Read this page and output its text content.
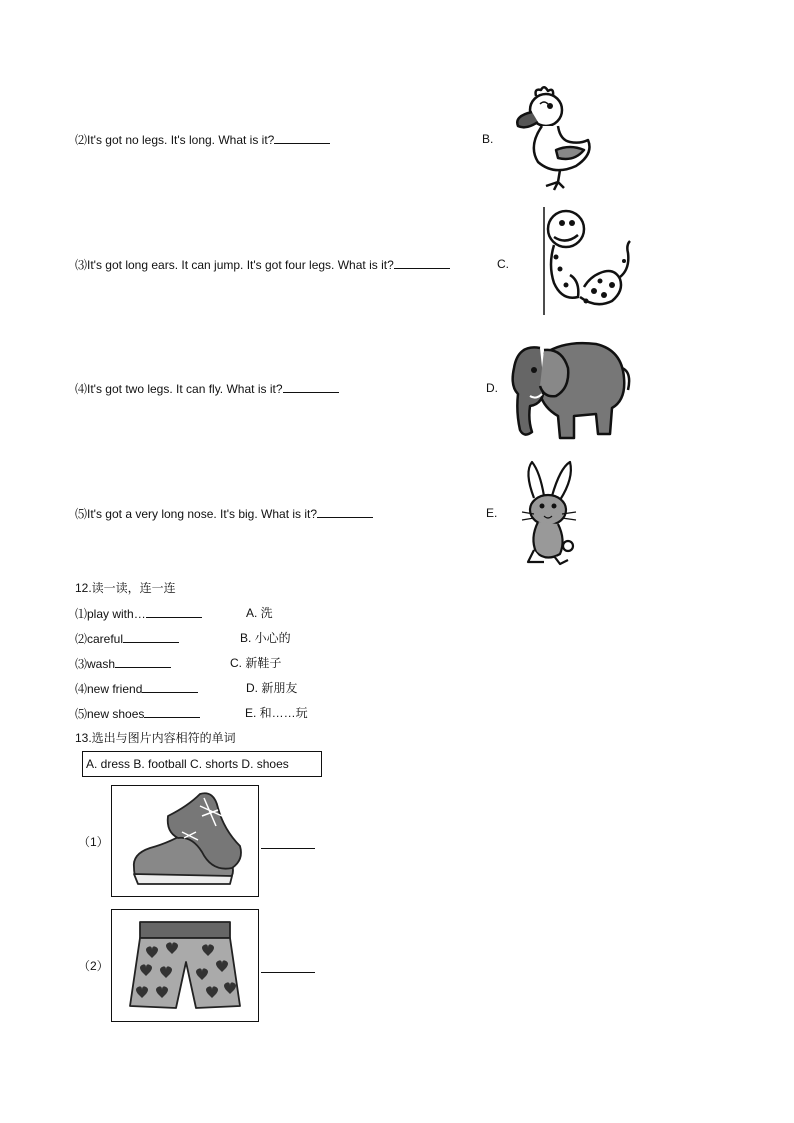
⑵It's got no legs. It's long. What is it?	B.
⑶It's got long ears. It can jump. It's got four legs. What is it?	C.
⑷It's got two legs. It can fly. What is it?	D.
⑸It's got a very long nose. It's big. What is it?	E.
12.读一读，连一连
⑴play with…	A. 洗
⑵careful	B. 小心的
⑶wash	C. 新鞋子
⑷new friend	D. 新朋友
⑸new shoes	E. 和……玩
13.选出与图片内容相符的单词
A. dress B. football C. shorts D. shoes
（1）
（2）
